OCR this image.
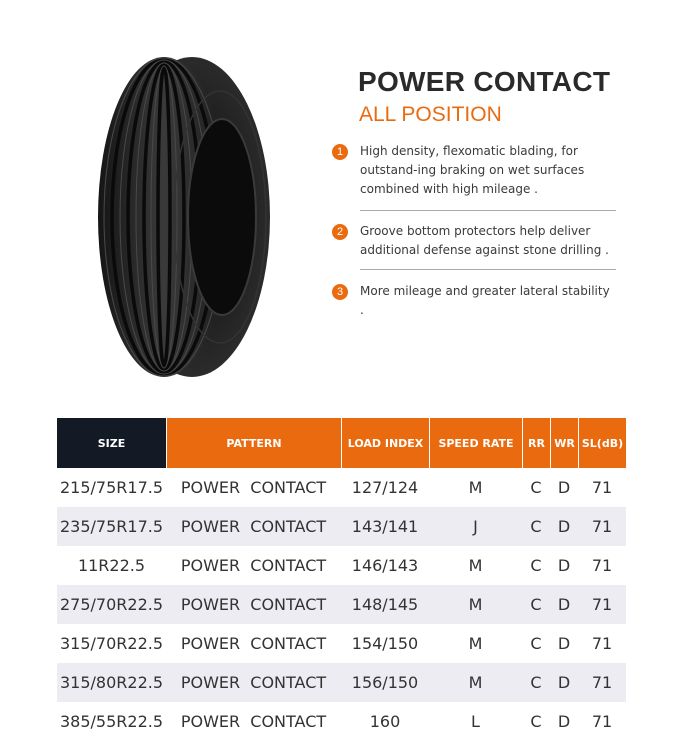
POWER CONTACT
ALL POSITION
1	High density, flexomatic blading, for outstand-ing braking on wet surfaces combined with high mileage .
2	Groove bottom protectors help deliver additional defense against stone drilling .
3	More mileage and greater lateral stability .
SIZE	PATTERN	LOAD INDEX	SPEED RATE	RR	WR	SL(dB)
215/75R17.5	POWER  CONTACT	127/124	M	C	D	71
235/75R17.5	POWER  CONTACT	143/141	J	C	D	71
11R22.5	POWER  CONTACT	146/143	M	C	D	71
275/70R22.5	POWER  CONTACT	148/145	M	C	D	71
315/70R22.5	POWER  CONTACT	154/150	M	C	D	71
315/80R22.5	POWER  CONTACT	156/150	M	C	D	71
385/55R22.5	POWER  CONTACT	160	L	C	D	71
